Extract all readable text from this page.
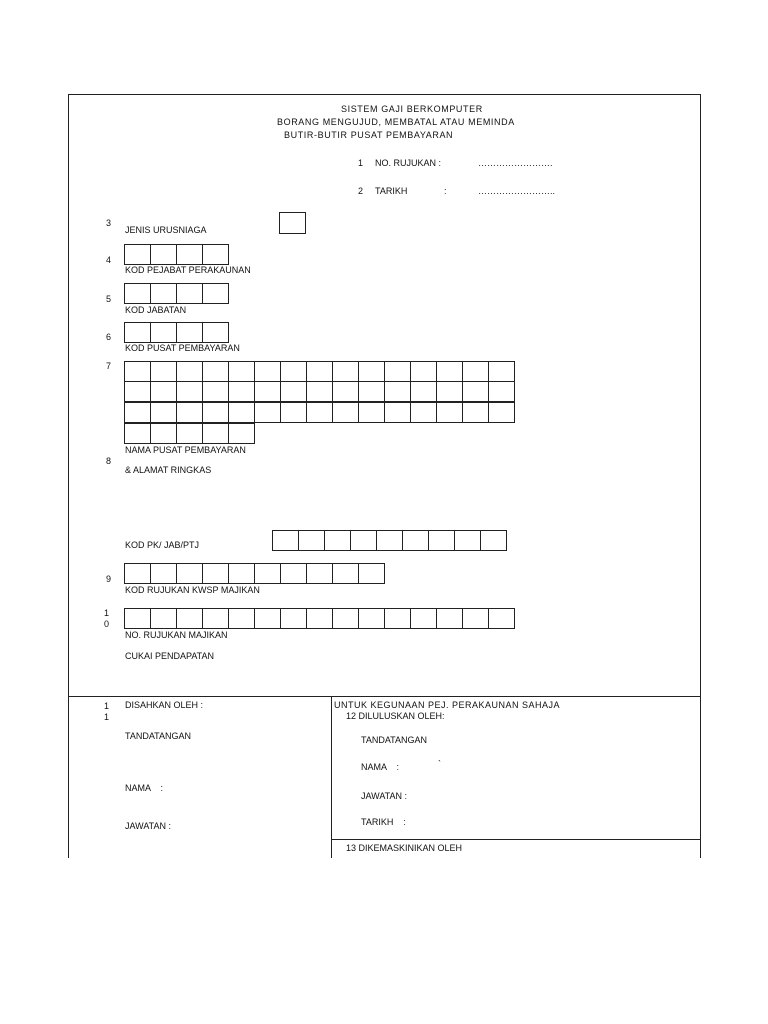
SISTEM GAJI BERKOMPUTER
BORANG MENGUJUD, MEMBATAL ATAU MEMINDA
BUTIR-BUTIR PUSAT PEMBAYARAN
1 NO. RUJUKAN :	…………………….
2 TARIKH	:	……………………..
3
JENIS URUSNIAGA
4
KOD PEJABAT PERAKAUNAN
5
KOD JABATAN
6
KOD PUSAT PEMBAYARAN
7
8
NAMA PUSAT PEMBAYARAN
& ALAMAT RINGKAS
KOD PK/ JAB/PTJ
9
KOD RUJUKAN KWSP MAJIKAN
1
0
NO. RUJUKAN MAJIKAN
CUKAI PENDAPATAN
1
1
DISAHKAN OLEH :
TANDATANGAN
NAMA    :
JAWATAN :
UNTUK KEGUNAAN PEJ. PERAKAUNAN SAHAJA
12 DILULUSKAN OLEH:
TANDATANGAN
NAMA    :	`
JAWATAN :
TARIKH    :
13 DIKEMASKINIKAN OLEH
